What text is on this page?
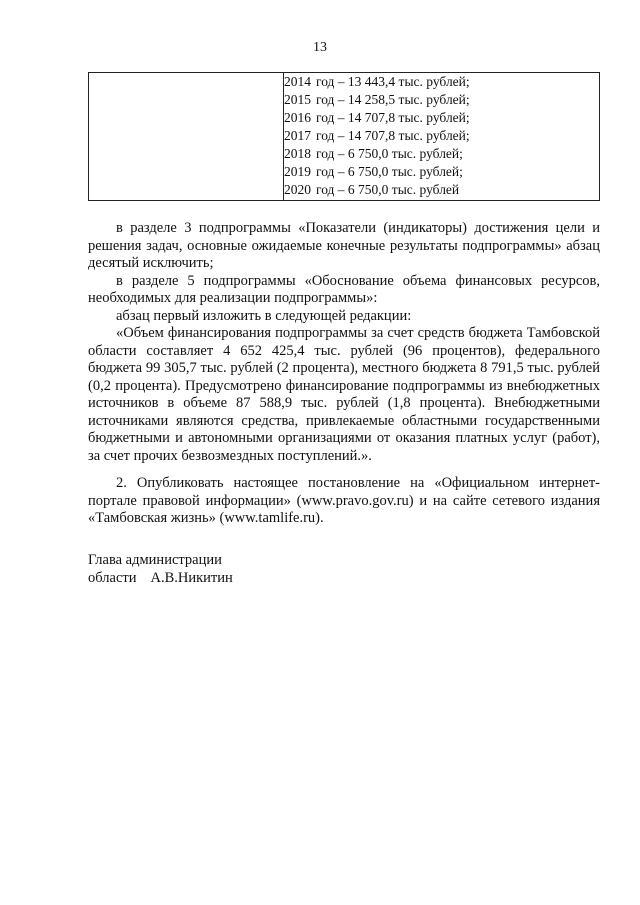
13

2014 год – 13 443,4 тыс. рублей;
2015 год – 14 258,5 тыс. рублей;
2016 год – 14 707,8 тыс. рублей;
2017 год – 14 707,8 тыс. рублей;
2018 год – 6 750,0 тыс. рублей;
2019 год – 6 750,0 тыс. рублей;
2020 год – 6 750,0 тыс. рублей

в разделе 3 подпрограммы «Показатели (индикаторы) достижения цели и решения задач, основные ожидаемые конечные результаты подпрограммы» абзац десятый исключить;

в разделе 5 подпрограммы «Обоснование объема финансовых ресурсов, необходимых для реализации подпрограммы»:

абзац первый изложить в следующей редакции:

«Объем финансирования подпрограммы за счет средств бюджета Тамбовской области составляет 4 652 425,4 тыс. рублей (96 процентов), федерального бюджета 99 305,7 тыс. рублей (2 процента), местного бюджета 8 791,5 тыс. рублей (0,2 процента). Предусмотрено финансирование подпрограммы из внебюджетных источников в объеме 87 588,9 тыс. рублей (1,8 процента). Внебюджетными источниками являются средства, привлекаемые областными государственными бюджетными и автономными организациями от оказания платных услуг (работ), за счет прочих безвозмездных поступлений.».

2. Опубликовать настоящее постановление на «Официальном интернет-портале правовой информации» (www.pravo.gov.ru) и на сайте сетевого издания «Тамбовская жизнь» (www.tamlife.ru).

Глава администрации
области А.В.Никитин
